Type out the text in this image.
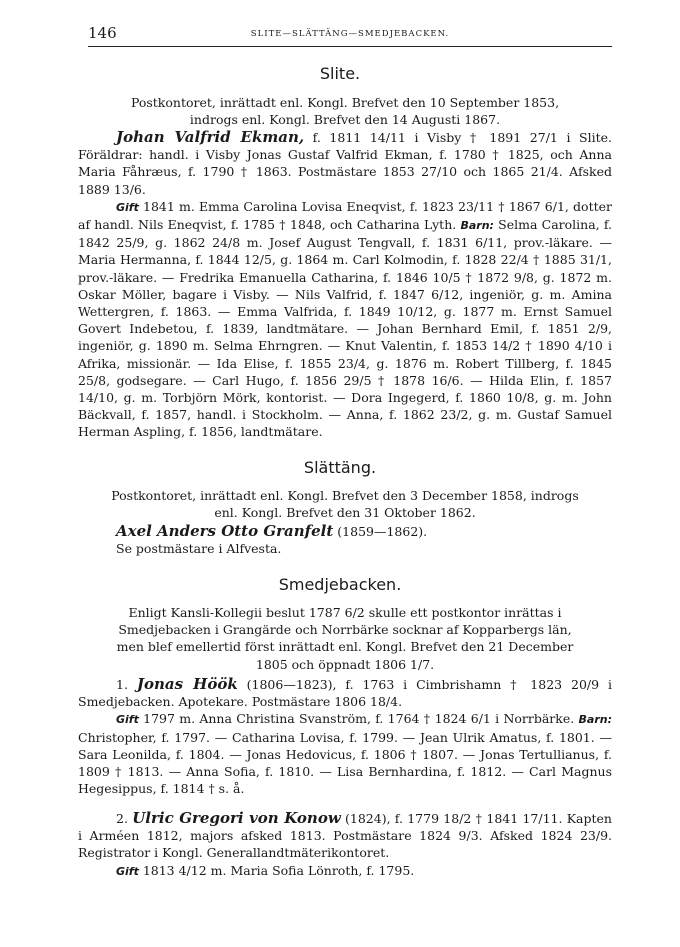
146	SLITE—SLÄTTÄNG—SMEDJEBACKEN.
Slite.

Postkontoret, inrättadt enl. Kongl. Brefvet den 10 September 1853,

indrogs enl. Kongl. Brefvet den 14 Augusti 1867.

Johan Valfrid Ekman, f. 1811 14/11 i Visby † 1891 27/1 i Slite. Föräldrar: handl. i Visby Jonas Gustaf Valfrid Ekman, f. 1780 † 1825, och Anna Maria Fåhræus, f. 1790 † 1863. Postmästare 1853 27/10 och 1865 21/4. Afsked 1889 13/6.

Gift 1841 m. Emma Carolina Lovisa Eneqvist, f. 1823 23/11 † 1867 6/1, dotter af handl. Nils Eneqvist, f. 1785 † 1848, och Catharina Lyth. Barn: Selma Carolina, f. 1842 25/9, g. 1862 24/8 m. Josef August Tengvall, f. 1831 6/11, prov.-läkare. — Maria Hermanna, f. 1844 12/5, g. 1864 m. Carl Kolmodin, f. 1828 22/4 † 1885 31/1, prov.-läkare. — Fredrika Emanuella Catharina, f. 1846 10/5 † 1872 9/8, g. 1872 m. Oskar Möller, bagare i Visby. — Nils Valfrid, f. 1847 6/12, ingeniör, g. m. Amina Wettergren, f. 1863. — Emma Valfrida, f. 1849 10/12, g. 1877 m. Ernst Samuel Govert Indebetou, f. 1839, landtmätare. — Johan Bernhard Emil, f. 1851 2/9, ingeniör, g. 1890 m. Selma Ehrngren. — Knut Valentin, f. 1853 14/2 † 1890 4/10 i Afrika, missionär. — Ida Elise, f. 1855 23/4, g. 1876 m. Robert Tillberg, f. 1845 25/8, godsegare. — Carl Hugo, f. 1856 29/5 † 1878 16/6. — Hilda Elin, f. 1857 14/10, g. m. Torbjörn Mörk, kontorist. — Dora Ingegerd, f. 1860 10/8, g. m. John Bäckvall, f. 1857, handl. i Stockholm. — Anna, f. 1862 23/2, g. m. Gustaf Samuel Herman Aspling, f. 1856, landtmätare.

Slättäng.

Postkontoret, inrättadt enl. Kongl. Brefvet den 3 December 1858, indrogs

enl. Kongl. Brefvet den 31 Oktober 1862.

Axel Anders Otto Granfelt (1859—1862).

Se postmästare i Alfvesta.

Smedjebacken.

Enligt Kansli-Kollegii beslut 1787 6/2 skulle ett postkontor inrättas i

Smedjebacken i Grangärde och Norrbärke socknar af Kopparbergs län,

men blef emellertid först inrättadt enl. Kongl. Brefvet den 21 December

1805 och öppnadt 1806 1/7.

1. Jonas Höök (1806—1823), f. 1763 i Cimbrishamn † 1823 20/9 i Smedjebacken. Apotekare. Postmästare 1806 18/4.

Gift 1797 m. Anna Christina Svanström, f. 1764 † 1824 6/1 i Norrbärke. Barn: Christopher, f. 1797. — Catharina Lovisa, f. 1799. — Jean Ulrik Amatus, f. 1801. — Sara Leonilda, f. 1804. — Jonas Hedovicus, f. 1806 † 1807. — Jonas Tertullianus, f. 1809 † 1813. — Anna Sofia, f. 1810. — Lisa Bernhardina, f. 1812. — Carl Magnus Hegesippus, f. 1814 † s. å.

2. Ulric Gregori von Konow (1824), f. 1779 18/2 † 1841 17/11. Kapten i Arméen 1812, majors afsked 1813. Postmästare 1824 9/3. Afsked 1824 23/9. Registrator i Kongl. Generallandtmäterikontoret.

Gift 1813 4/12 m. Maria Sofia Lönroth, f. 1795.
